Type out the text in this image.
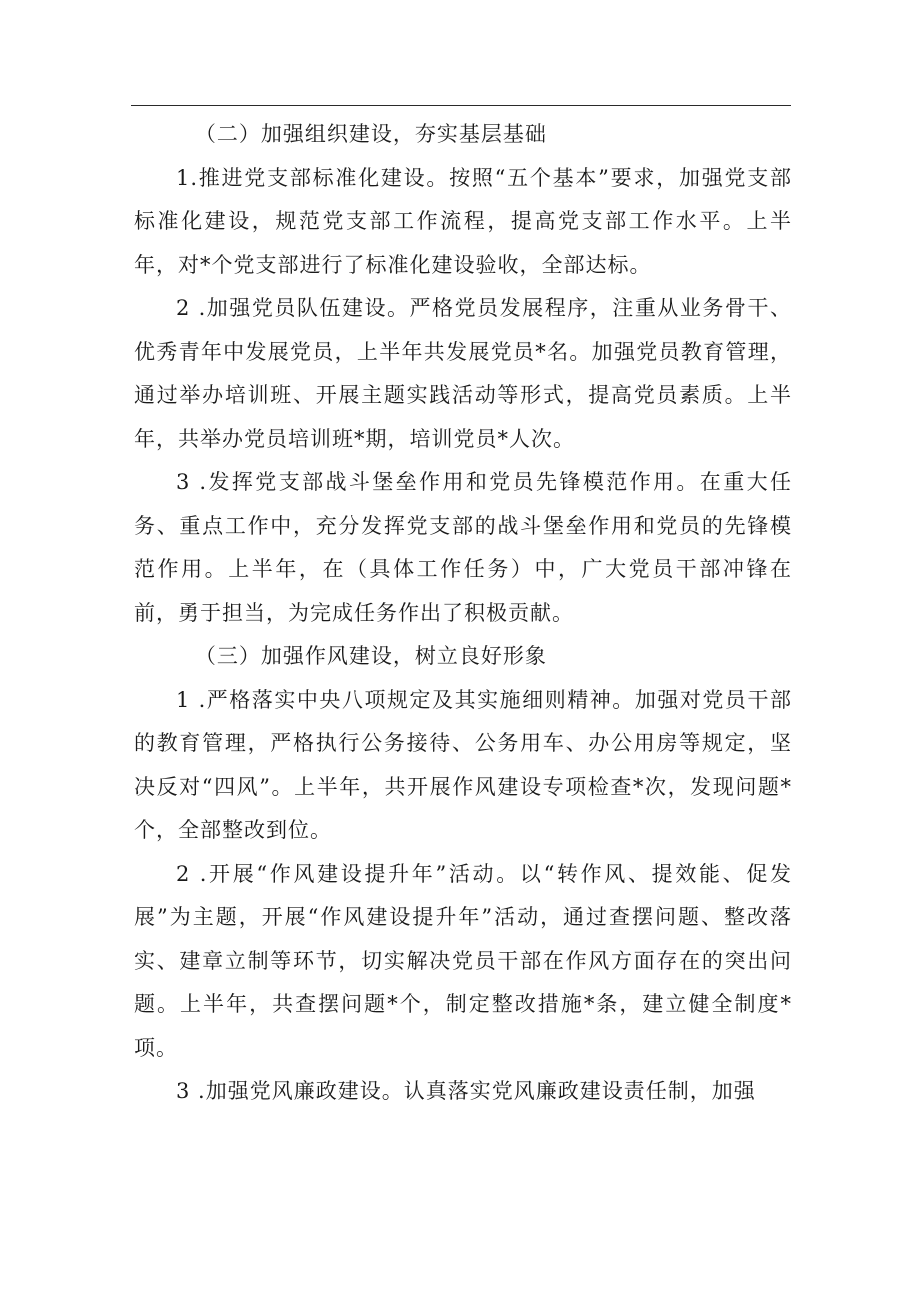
（二）加强组织建设，夯实基层基础

1.推进党支部标准化建设。按照“五个基本”要求，加强党支部标准化建设，规范党支部工作流程，提高党支部工作水平。上半年，对*个党支部进行了标准化建设验收，全部达标。

2 .加强党员队伍建设。严格党员发展程序，注重从业务骨干、优秀青年中发展党员，上半年共发展党员*名。加强党员教育管理，通过举办培训班、开展主题实践活动等形式，提高党员素质。上半年，共举办党员培训班*期，培训党员*人次。

3 .发挥党支部战斗堡垒作用和党员先锋模范作用。在重大任务、重点工作中，充分发挥党支部的战斗堡垒作用和党员的先锋模范作用。上半年，在（具体工作任务）中，广大党员干部冲锋在前，勇于担当，为完成任务作出了积极贡献。

（三）加强作风建设，树立良好形象

1 .严格落实中央八项规定及其实施细则精神。加强对党员干部的教育管理，严格执行公务接待、公务用车、办公用房等规定，坚决反对“四风”。上半年，共开展作风建设专项检查*次，发现问题*个，全部整改到位。

2 .开展“作风建设提升年”活动。以“转作风、提效能、促发展”为主题，开展“作风建设提升年”活动，通过查摆问题、整改落实、建章立制等环节，切实解决党员干部在作风方面存在的突出问题。上半年，共查摆问题*个，制定整改措施*条，建立健全制度*项。

3 .加强党风廉政建设。认真落实党风廉政建设责任制，加强
